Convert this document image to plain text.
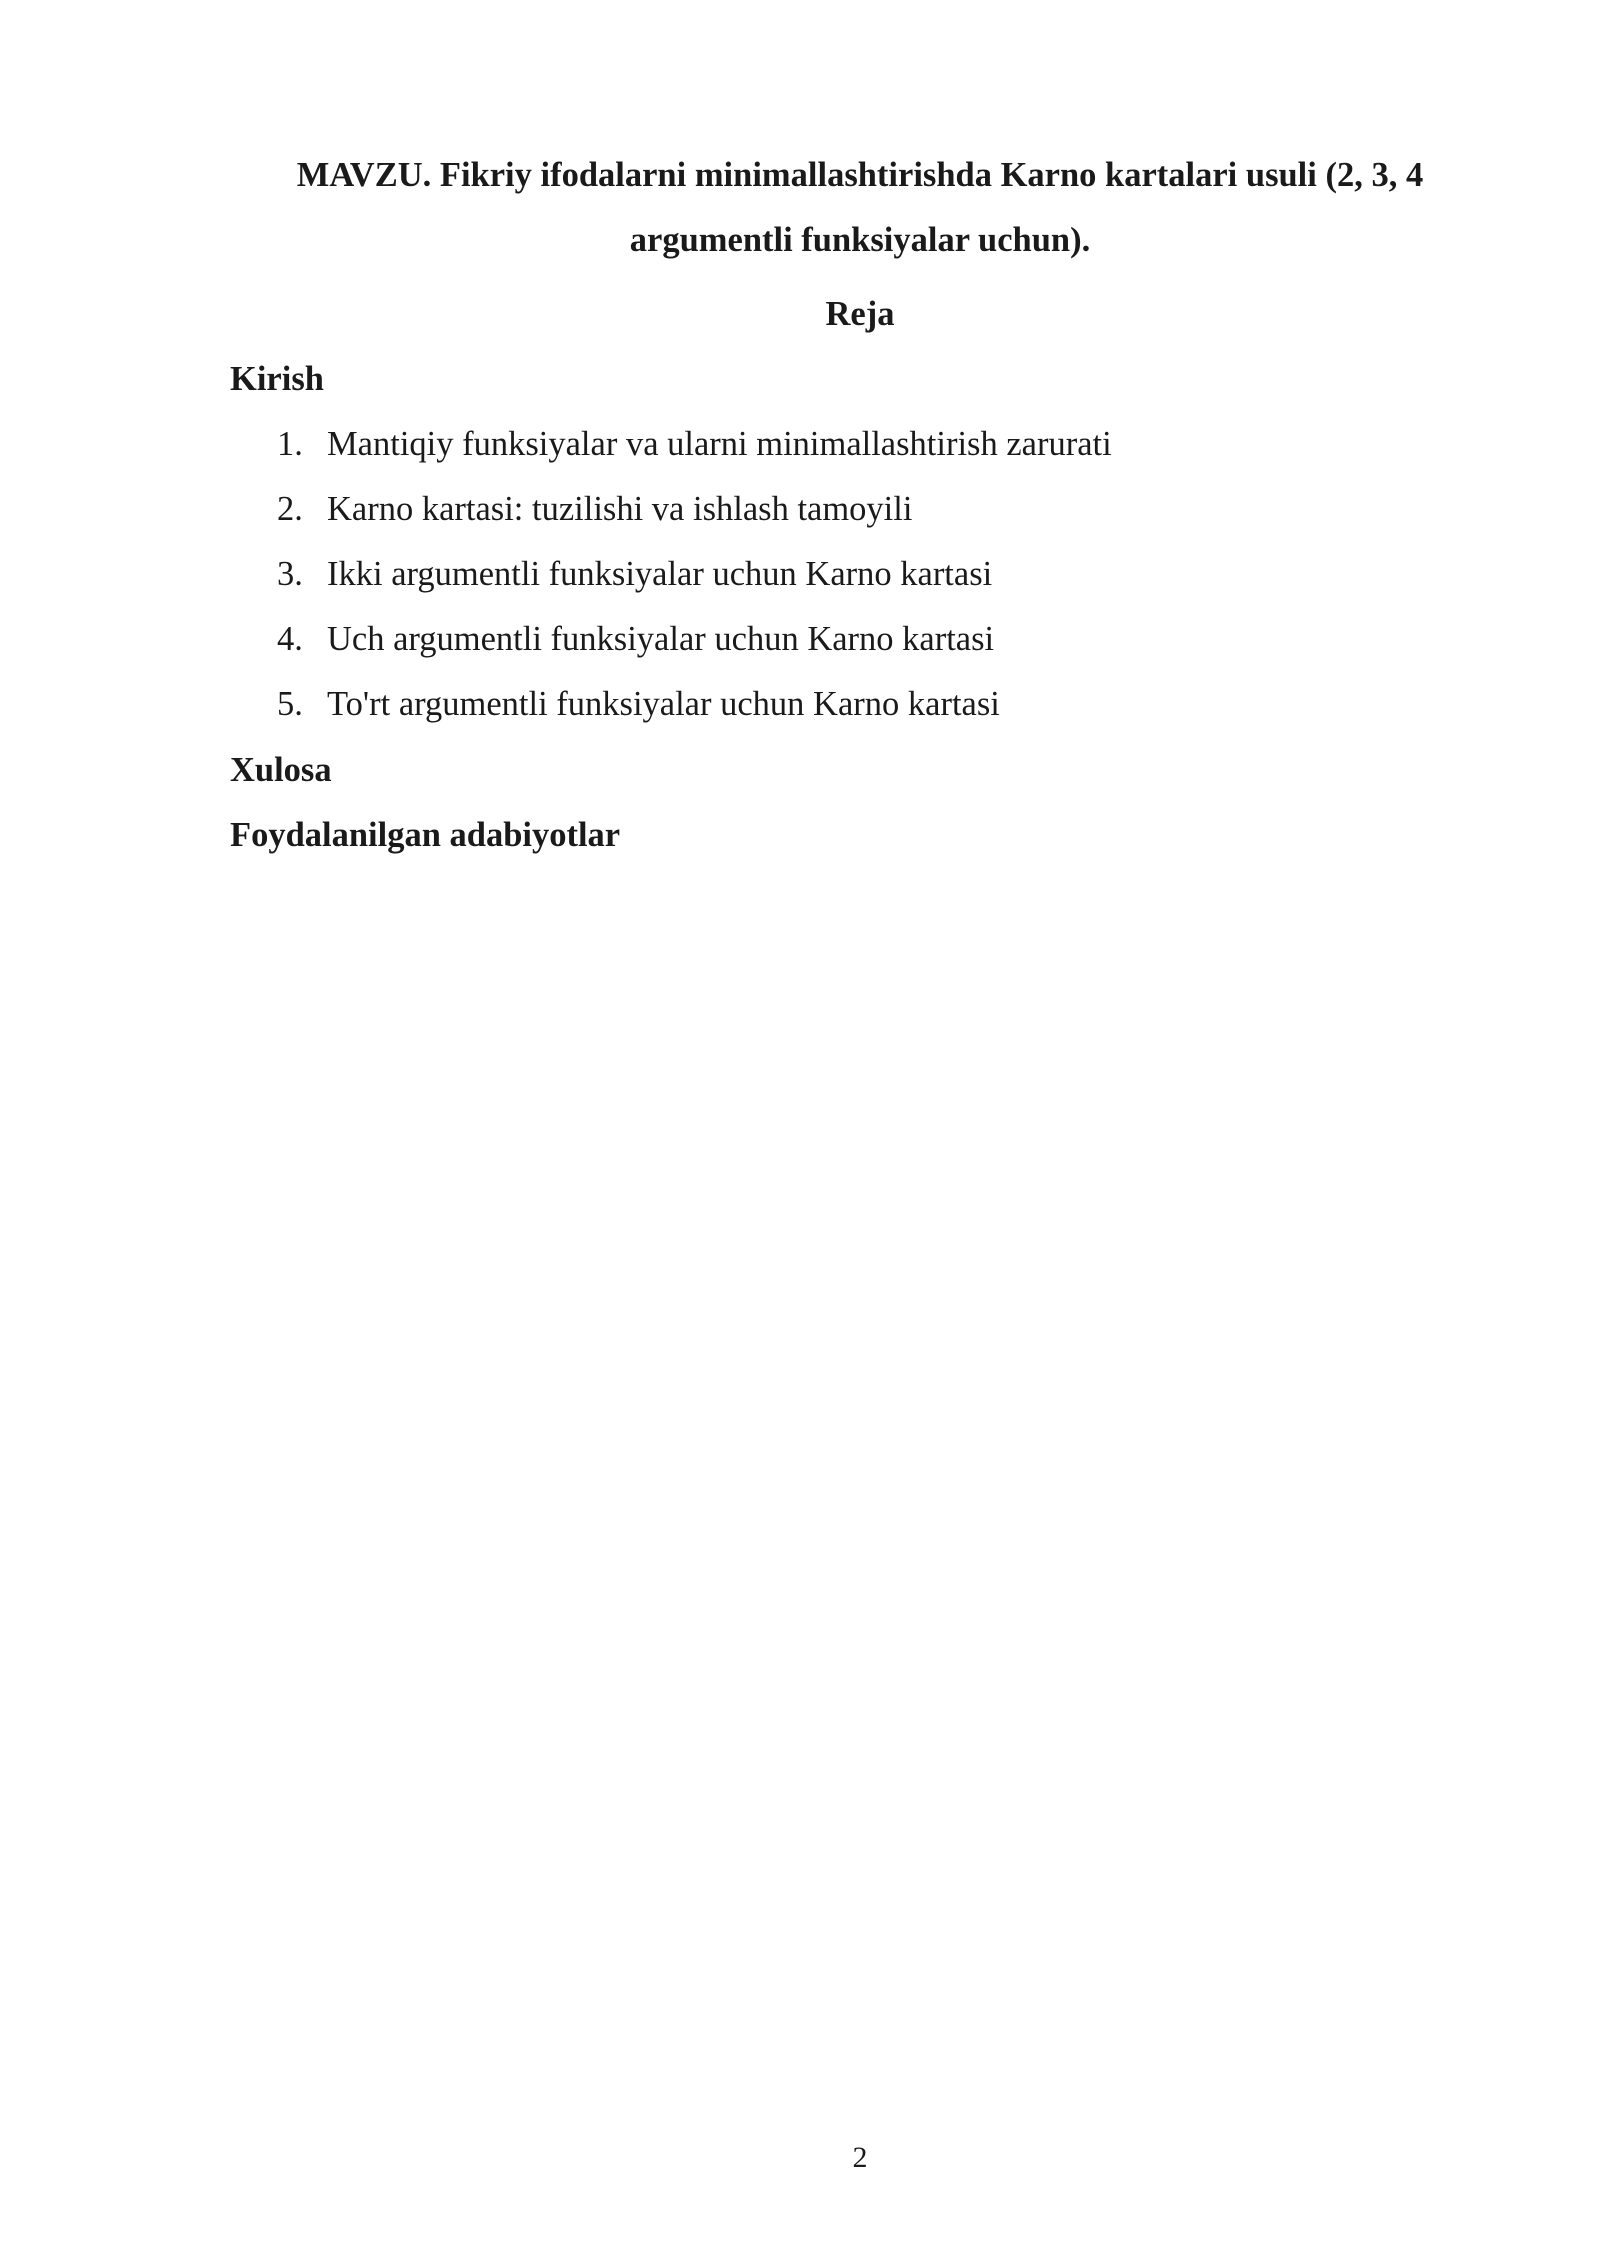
MAVZU. Fikriy ifodalarni minimallashtirishda Karno kartalari usuli (2, 3, 4
argumentli funksiyalar uchun).
Reja
Kirish
1. Mantiqiy funksiyalar va ularni minimallashtirish zarurati
2. Karno kartasi: tuzilishi va ishlash tamoyili
3. Ikki argumentli funksiyalar uchun Karno kartasi
4. Uch argumentli funksiyalar uchun Karno kartasi
5. To'rt argumentli funksiyalar uchun Karno kartasi
Xulosa
Foydalanilgan adabiyotlar
2
